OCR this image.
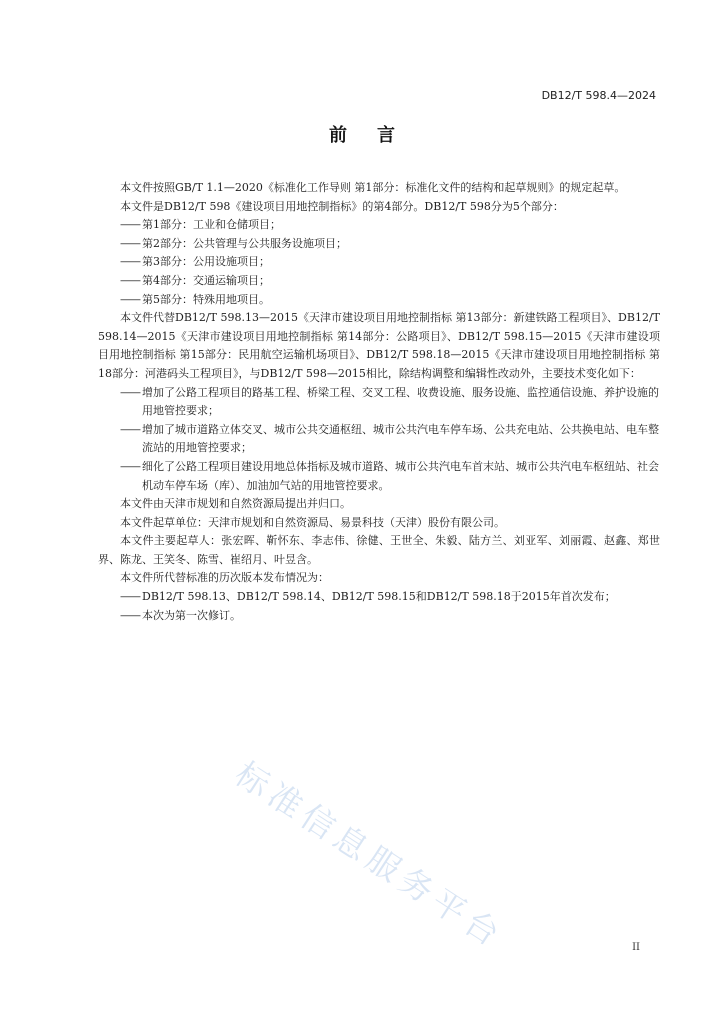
DB12/T 598.4—2024
前 言

本文件按照GB/T 1.1—2020《标准化工作导则 第1部分：标准化文件的结构和起草规则》的规定起草。

本文件是DB12/T 598《建设项目用地控制指标》的第4部分。DB12/T 598分为5个部分：

—— 第1部分：工业和仓储项目；

—— 第2部分：公共管理与公共服务设施项目；

—— 第3部分：公用设施项目；

—— 第4部分：交通运输项目；

—— 第5部分：特殊用地项目。

本文件代替DB12/T 598.13—2015《天津市建设项目用地控制指标 第13部分：新建铁路工程项目》、DB12/T 598.14—2015《天津市建设项目用地控制指标 第14部分：公路项目》、DB12/T 598.15—2015《天津市建设项目用地控制指标 第15部分：民用航空运输机场项目》、DB12/T 598.18—2015《天津市建设项目用地控制指标 第18部分：河港码头工程项目》，与DB12/T 598—2015相比，除结构调整和编辑性改动外，主要技术变化如下：

—— 增加了公路工程项目的路基工程、桥梁工程、交叉工程、收费设施、服务设施、监控通信设施、养护设施的用地管控要求；

—— 增加了城市道路立体交叉、城市公共交通枢纽、城市公共汽电车停车场、公共充电站、公共换电站、电车整流站的用地管控要求；

—— 细化了公路工程项目建设用地总体指标及城市道路、城市公共汽电车首末站、城市公共汽电车枢纽站、社会机动车停车场（库）、加油加气站的用地管控要求。

本文件由天津市规划和自然资源局提出并归口。

本文件起草单位：天津市规划和自然资源局、易景科技（天津）股份有限公司。

本文件主要起草人：张宏晖、靳怀东、李志伟、徐健、王世全、朱毅、陆方兰、刘亚军、刘丽霞、赵鑫、郑世界、陈龙、王笑冬、陈雪、崔绍月、叶昱含。

本文件所代替标准的历次版本发布情况为：

—— DB12/T 598.13、DB12/T 598.14、DB12/T 598.15和DB12/T 598.18于2015年首次发布；

—— 本次为第一次修订。

标准信息服务平台	II
